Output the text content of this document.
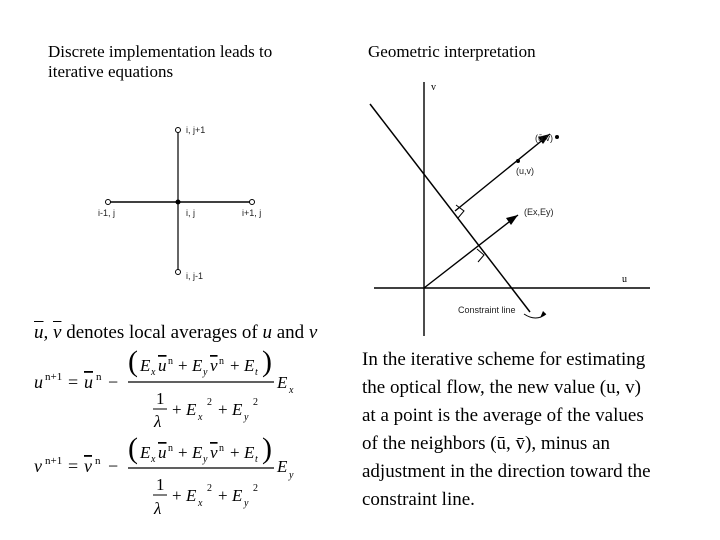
Discrete implementation leads to
iterative equations
Geometric interpretation
i, j+1
i-1, j	i, j	i+1, j
i, j-1
v
u
(ū,v̄)
(u,v)
(Ex,Ey)
Constraint line
$\overline{u}$, $\overline{v}$ denotes local averages of u and v
u n+1 = u n −
( E x u n + E y v n + E t )
E x
1
λ
+ E x
2 + E y
2
v n+1 = v n −
( E x u n + E y v n + E t )
E y
1
λ
+ E x
2 + E y
2
In the iterative scheme for estimating
the optical flow, the new value (u, v)
at a point is the average of the values
of the neighbors (ū, v̄), minus an
adjustment in the direction toward the
constraint line.
